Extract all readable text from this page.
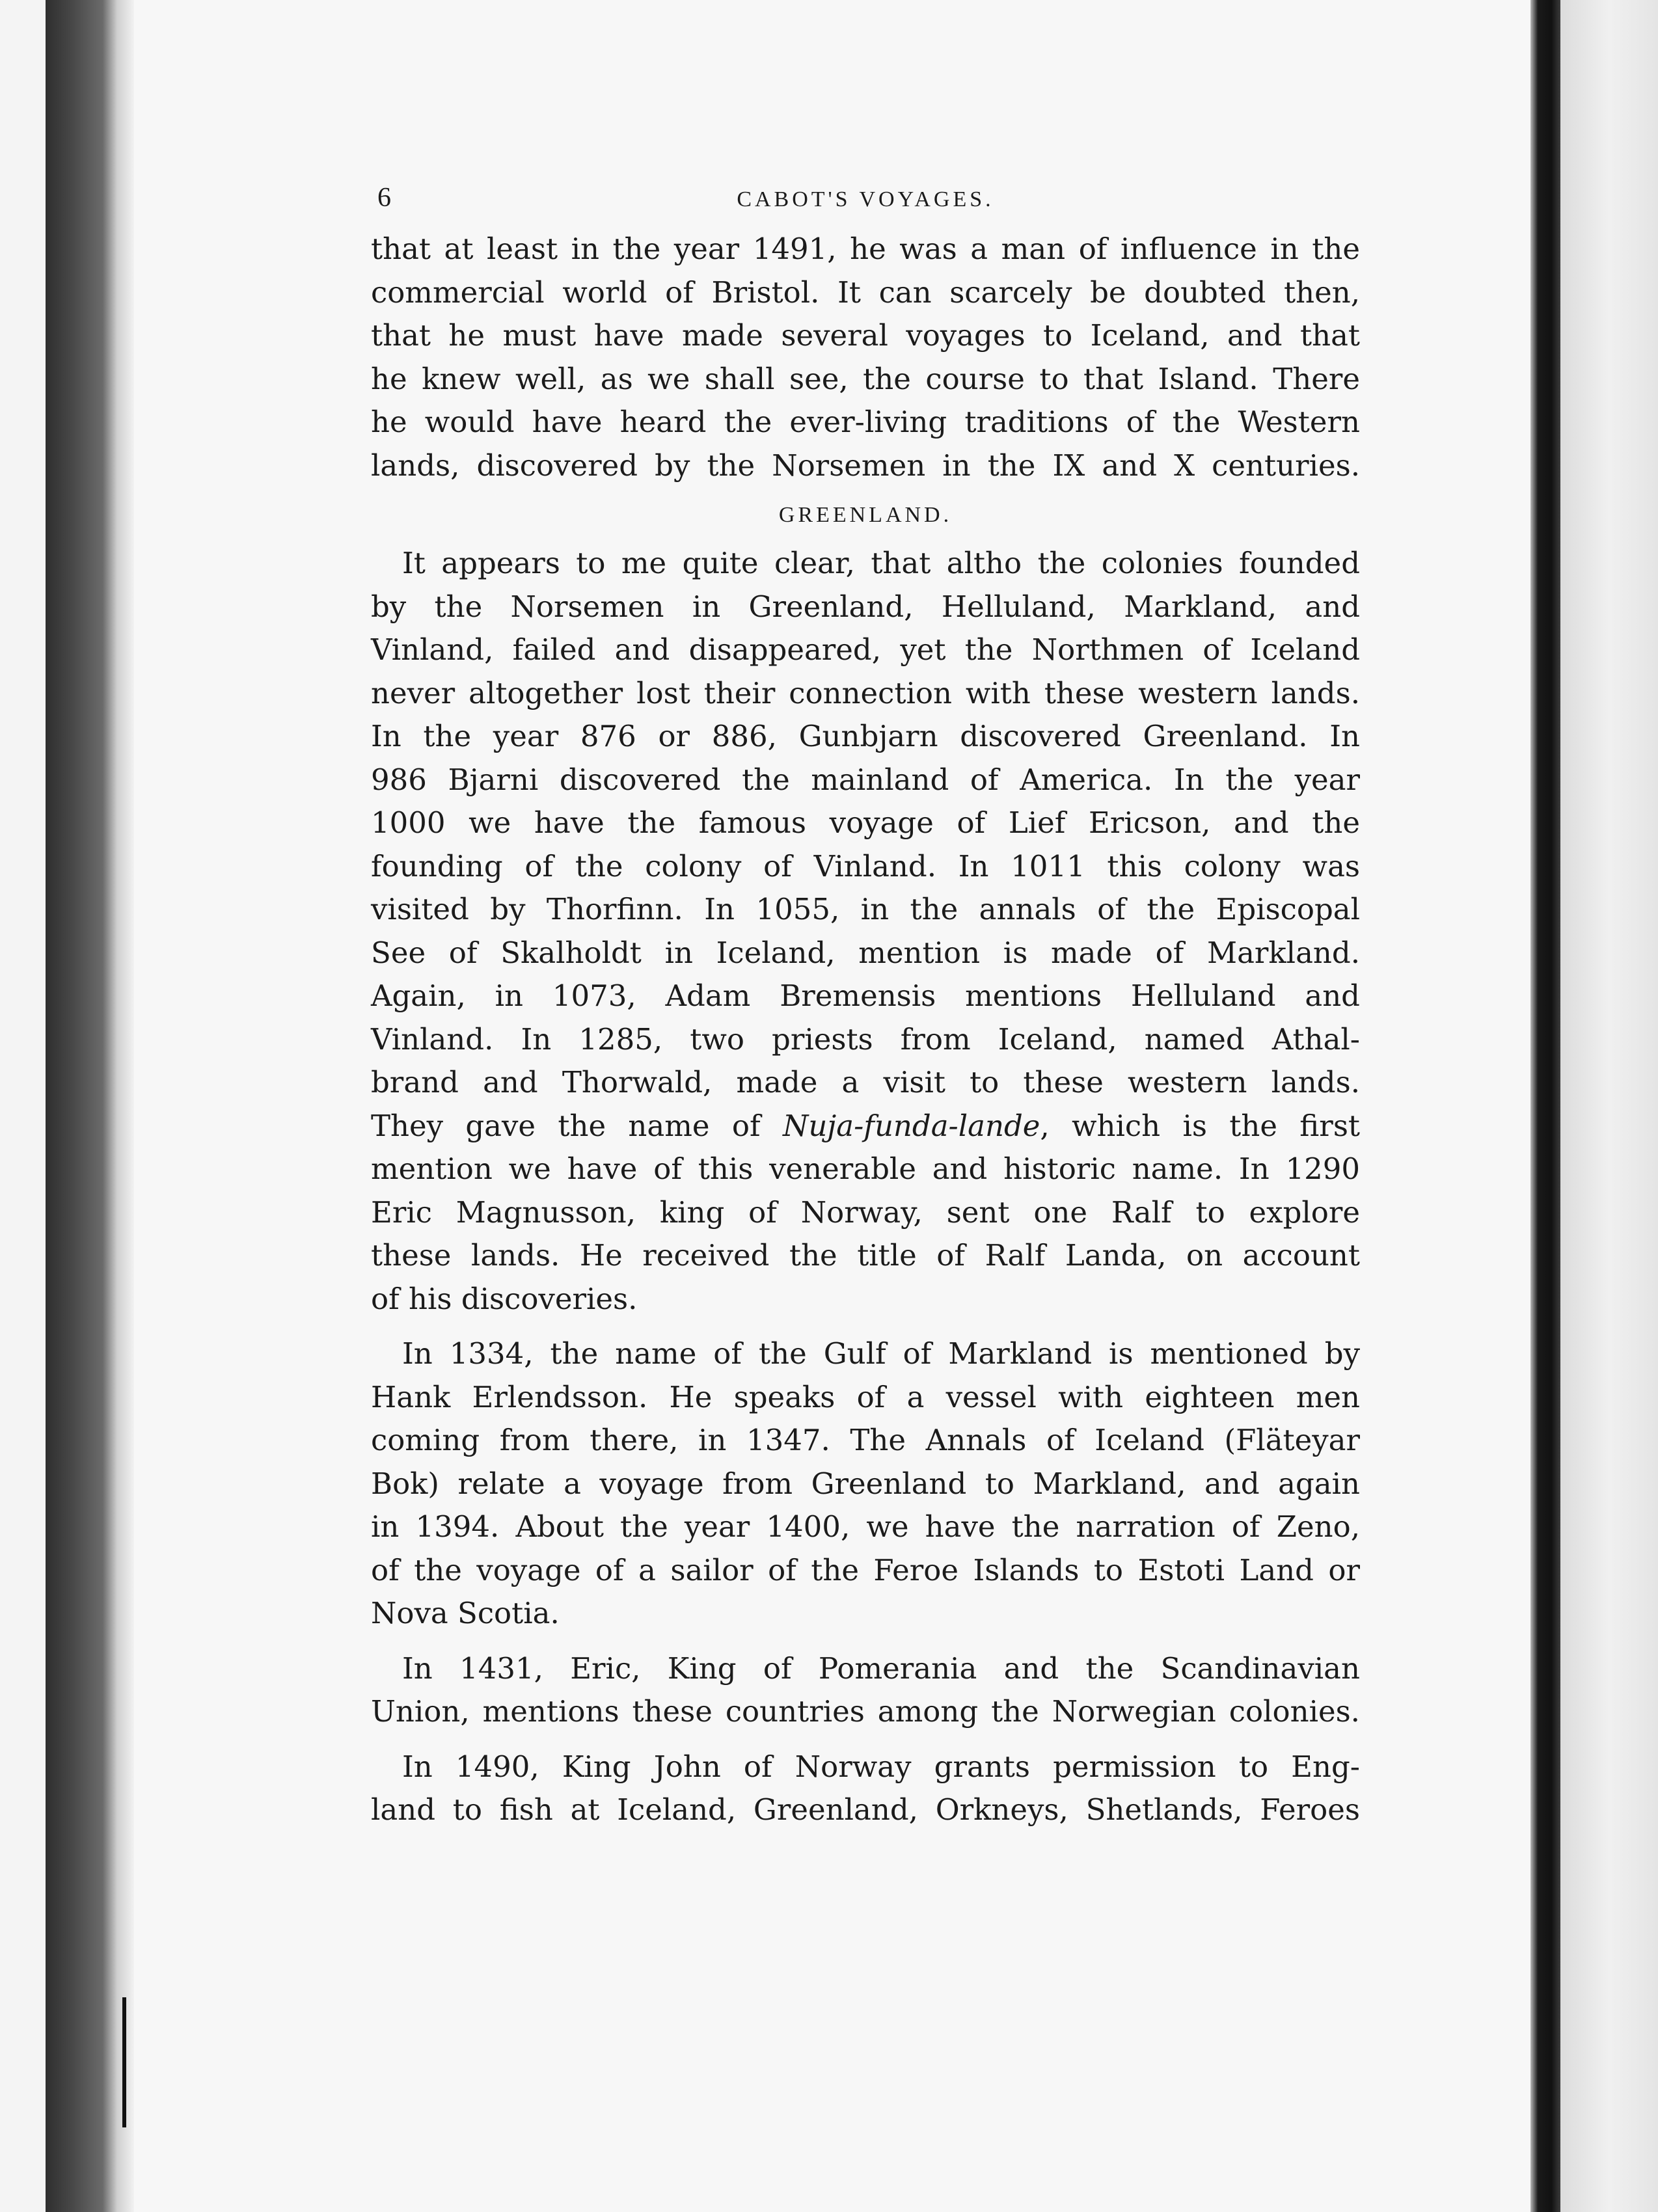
6	CABOT'S VOYAGES.

that at least in the year 1491, he was a man of influence in the
commercial world of Bristol. It can scarcely be doubted then,
that he must have made several voyages to Iceland, and that
he knew well, as we shall see, the course to that Island. There
he would have heard the ever-living traditions of the Western
lands, discovered by the Norsemen in the IX and X centuries.

GREENLAND.

It appears to me quite clear, that altho the colonies founded
by the Norsemen in Greenland, Helluland, Markland, and
Vinland, failed and disappeared, yet the Northmen of Iceland
never altogether lost their connection with these western lands.
In the year 876 or 886, Gunbjarn discovered Greenland. In
986 Bjarni discovered the mainland of America. In the year
1000 we have the famous voyage of Lief Ericson, and the
founding of the colony of Vinland. In 1011 this colony was
visited by Thorfinn. In 1055, in the annals of the Episcopal
See of Skalholdt in Iceland, mention is made of Markland.
Again, in 1073, Adam Bremensis mentions Helluland and
Vinland. In 1285, two priests from Iceland, named Athal-
brand and Thorwald, made a visit to these western lands.
They gave the name of Nuja-funda-lande, which is the first
mention we have of this venerable and historic name. In 1290
Eric Magnusson, king of Norway, sent one Ralf to explore
these lands. He received the title of Ralf Landa, on account
of his discoveries.

In 1334, the name of the Gulf of Markland is mentioned by
Hank Erlendsson. He speaks of a vessel with eighteen men
coming from there, in 1347. The Annals of Iceland (Fläteyar
Bok) relate a voyage from Greenland to Markland, and again
in 1394. About the year 1400, we have the narration of Zeno,
of the voyage of a sailor of the Feroe Islands to Estoti Land or
Nova Scotia.

In 1431, Eric, King of Pomerania and the Scandinavian
Union, mentions these countries among the Norwegian colonies.

In 1490, King John of Norway grants permission to Eng-
land to fish at Iceland, Greenland, Orkneys, Shetlands, Feroes
